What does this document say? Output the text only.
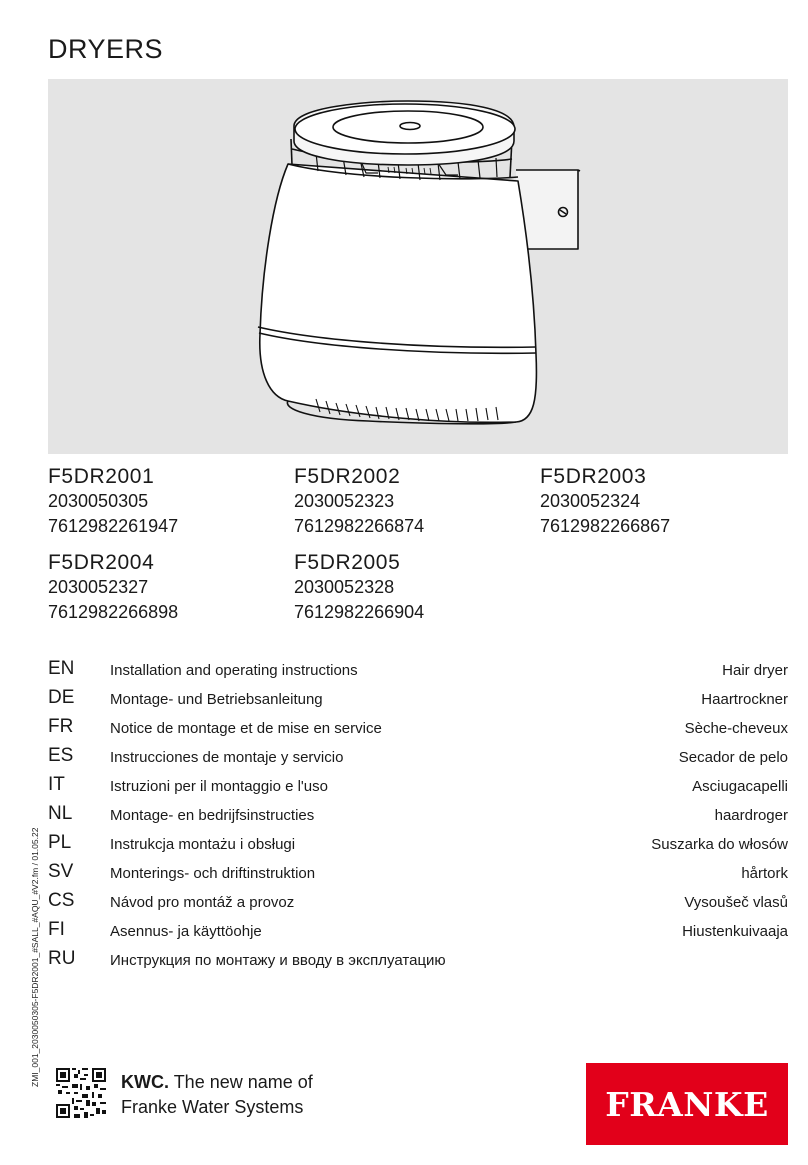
DRYERS
F5DR2001
2030050305
7612982261947
F5DR2002
2030052323
7612982266874
F5DR2003
2030052324
7612982266867
F5DR2004
2030052327
7612982266898
F5DR2005
2030052328
7612982266904
EN Installation and operating instructions	Hair dryer
DE Montage- und Betriebsanleitung	Haartrockner
FR Notice de montage et de mise en service	Sèche-cheveux
ES Instrucciones de montaje y servicio	Secador de pelo
IT	Istruzioni per il montaggio e l'uso	Asciugacapelli
NL	Montage- en bedrijfsinstructies	haardroger
PL	Instrukcja montażu i obsługi	Suszarka do włosów
SV Monterings- och driftinstruktion	hårtork
CS Návod pro montáž a provoz	Vysoušeč vlasů
FI	Asennus- ja käyttöohje	Hiustenkuivaaja
RU Инструкция по монтажу и вводу в эксплуатацию
ZMI_001_2030050305-F5DR2001_#SALL_#AQU_#V2.fm / 01.05.22	KWC. The new name of
Franke Water Systems	FRANKE
